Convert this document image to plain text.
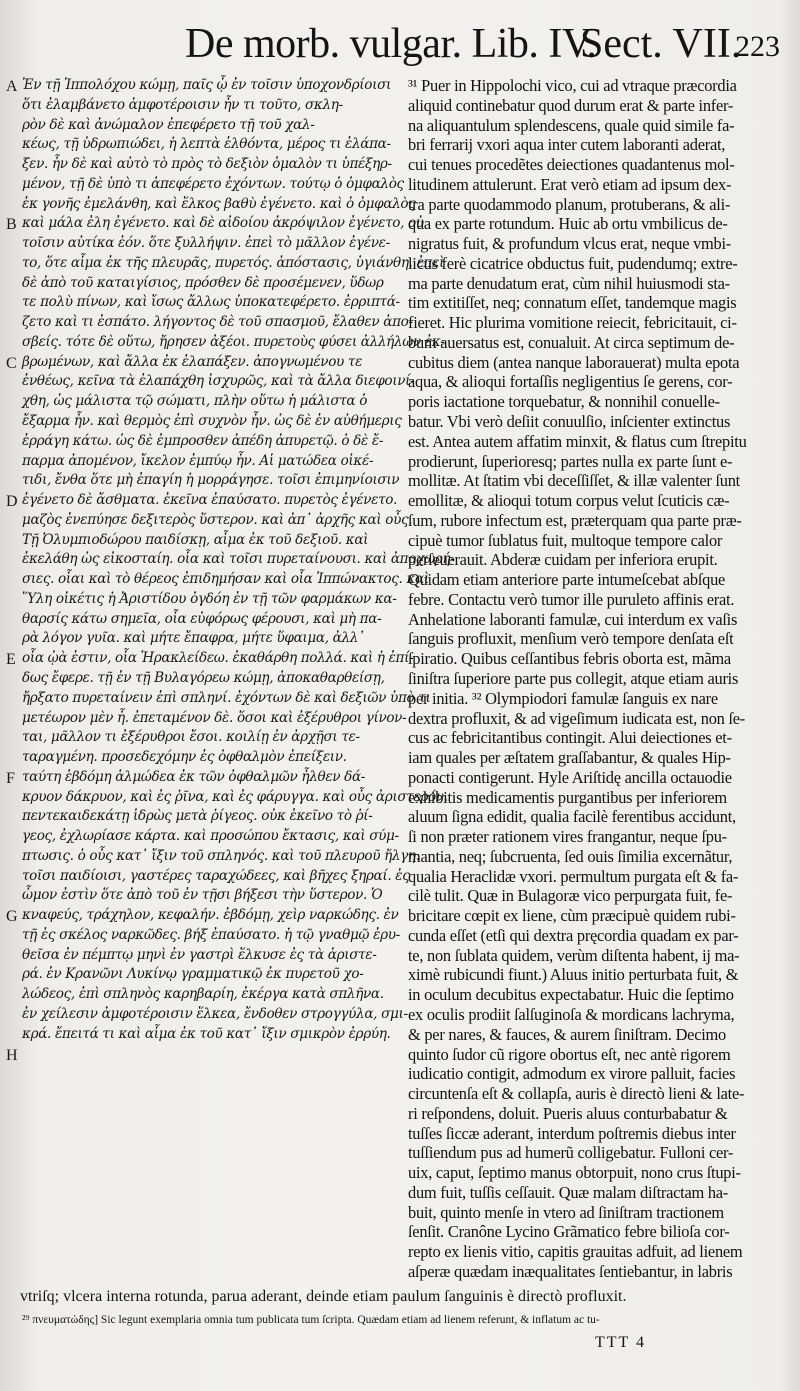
De morb. vulgar. Lib. IV.
Sect. VII.
223
Ἐν τῇ Ἱππολόχου κώμῃ, παῖς ᾧ ἐν τοῖσιν ὑποχονδρίοισι
ὅτι ἐλαμβάνετο ἀμφοτέροισιν ἦν τι τοῦτο, σκλη-
ρὸν δὲ καὶ ἀνώμαλον ἐπεφέρετο τῇ τοῦ χαλ-
κέως, τῇ ὑδρωπιώδει, ἡ λεπτὰ ἐλθόντα, μέρος τι ἐλάπα-
ξεν. ἦν δὲ καὶ αὐτὸ τὸ πρὸς τὸ δεξιὸν ὁμαλὸν τι ὑπέξηρ-
μένον, τῇ δὲ ὑπὸ τι ἀπεφέρετο ἐχόντων. τούτῳ ὁ ὀμφαλὸς
ἐκ γονῆς ἐμελάνθη, καὶ ἕλκος βαθὺ ἐγένετο. καὶ ὁ ὀμφαλὸς
καὶ μάλα ἐλη ἐγένετο. καὶ δὲ αἰδοίου ἀκρόψιλον ἐγένετο, οὐ
τοῖσιν αὐτίκα ἐόν. ὅτε ξυλλήψιν. ἐπεὶ τὸ μᾶλλον ἐγένε-
το, ὅτε αἷμα ἐκ τῆς πλευρᾶς, πυρετός. ἀπόστασις, ὑγιάνθη. ἐπεὶ
δὲ ἀπὸ τοῦ καταιγίσιος, πρόσθεν δὲ προσέμενεν, ὕδωρ
τε πολὺ πίνων, καὶ ἴσως ἄλλως ὑποκατεφέρετο. ἐρριπτά-
ζετο καὶ τι ἐσπάτο. λήγοντος δὲ τοῦ σπασμοῦ, ἔλαθεν ἀπο-
σβείς. τότε δὲ οὕτω, ἤρησεν ἀξέοι. πυρετοὺς φύσει ἀλλήλων ἐκ-
βρωμένων, καὶ ἄλλα ἐκ ἐλαπάξεν. ἀπογνωμένου τε
ἐνθέως, κεῖνα τὰ ἐλαπάχθη ἰσχυρῶς, καὶ τὰ ἄλλα διεφοινί-
χθη, ὡς μάλιστα τῷ σώματι, πλὴν οὕτω ἡ μάλιστα ὁ
ἔξαρμα ἦν. καὶ θερμὸς ἐπὶ συχνὸν ἦν. ὡς δὲ ἐν αὐθήμερις
ἐρράγη κάτω. ὡς δὲ ἐμπροσθεν ἀπέδη ἀπυρετῷ. ὁ δὲ ἔ-
παρμα ἀπομένον, ἴκελον ἐμπύῳ ἦν. Αἱ ματώδεα οἰκέ-
τιδι, ἔνθα ὅτε μὴ ἐπαγίη ἡ μορράγησε. τοῖσι ἐπιμηνίοισιν
ἐγένετο δὲ ἄσθματα. ἐκεῖνα ἐπαύσατο. πυρετὸς ἐγένετο.
μαζὸς ἐνεπύησε δεξιτερὸς ὕστερον. καὶ ἀπ᾽ ἀρχῆς καὶ οὖς.
Τῇ Ὀλυμπιοδώρου παιδίσκῃ, αἷμα ἐκ τοῦ δεξιοῦ. καὶ
ἐκελάθη ὡς εἰκοσταίη. οἷα καὶ τοῖσι πυρεταίνουσι. καὶ ἀποχωρή-
σιες. οἷαι καὶ τὸ θέρεος ἐπιδημήσαν καὶ οἷα Ἱππώνακτος. καὶ
Ὕλη οἰκέτις ἡ Ἀριστίδου ὀγδόη ἐν τῇ τῶν φαρμάκων κα-
θαρσίς κάτω σημεῖα, οἷα εὐφόρως φέρουσι, καὶ μὴ πα-
ρὰ λόγον γυῖα. καὶ μήτε ἔπαφρα, μήτε ὕφαιμα, ἀλλ᾽
οἷα ᾠὰ ἐστιν, οἷα Ἡρακλείδεω. ἐκαθάρθη πολλά. καὶ ἡ ἐπί-
δως ἔφερε. τῇ ἐν τῇ Βυλαγόρεω κώμῃ, ἀποκαθαρθείσῃ,
ἤρξατο πυρεταίνειν ἐπὶ σπληνί. ἐχόντων δὲ καὶ δεξιῶν ὑπὸ τι
μετέωρον μὲν ἦ. ἐπεταμένον δὲ. ὅσοι καὶ ἐξέρυθροι γίνον-
ται, μᾶλλον τι ἐξέρυθροι ἔσοι. κοιλίῃ ἐν ἀρχῇσι τε-
ταραγμένη. προσεδεχόμην ἐς ὀφθαλμὸν ἐπείξειν.
ταύτη ἑβδόμη ἁλμώδεα ἐκ τῶν ὀφθαλμῶν ἦλθεν δά-
κρυον δάκρυον, καὶ ἐς ῥῖνα, καὶ ἐς φάρυγγα. καὶ οὖς ἀριστερόν.
πεντεκαιδεκάτῃ ἱδρὼς μετὰ ῥίγεος. οὐκ ἐκεῖνο τὸ ῥί-
γεος, ἐχλωρίασε κάρτα. καὶ προσώπου ἔκτασις, καὶ σύμ-
πτωσις. ὁ οὖς κατ᾽ ἴξιν τοῦ σπληνός. καὶ τοῦ πλευροῦ ἤλγη.
τοῖσι παιδίοισι, γαστέρες ταραχώδεες, καὶ βῆχες ξηραί. ἐς
ὦμον ἐστὶν ὅτε ἀπὸ τοῦ ἐν τῇσι βήξεσι τὴν ὕστερον. Ὁ
κναφεύς, τράχηλον, κεφαλήν. ἑβδόμῃ, χεὶρ ναρκώδης. ἐν
τῇ ἐς σκέλος ναρκῶδες. βήξ ἐπαύσατο. ἡ τῷ γναθμῷ ἐρυ-
θεῖσα ἐν πέμπτῳ μηνὶ ἐν γαστρὶ ἕλκυσε ἐς τὰ ἀριστε-
ρά. ἐν Κρανῶνι Λυκίνῳ γραμματικῷ ἐκ πυρετοῦ χο-
λώδεος, ἐπὶ σπληνὸς καρηβαρίη, ἐκέργα κατὰ σπλῆνα.
ἐν χείλεσιν ἀμφοτέροισιν ἕλκεα, ἔνδοθεν στρογγύλα, σμι-
κρά. ἔπειτά τι καὶ αἷμα ἐκ τοῦ κατ᾽ ἴξιν σμικρὸν ἐρρύη.
³¹ Puer in Hippolochi vico, cui ad vtraque præcordia
aliquid continebatur quod durum erat & parte infer-
na aliquantulum splendescens, quale quid simile fa-
bri ferrarij vxori aqua inter cutem laboranti aderat,
cui tenues procedẽtes deiectiones quadantenus mol-
litudinem attulerunt. Erat verò etiam ad ipsum dex-
tra parte quodammodo planum, protuberans, & ali-
qua ex parte rotundum. Huic ab ortu vmbilicus de-
nigratus fuit, & profundum vlcus erat, neque vmbi-
licus ferè cicatrice obductus fuit, pudendumq; extre-
ma parte denudatum erat, cùm nihil huiusmodi sta-
tim extitiſſet, neq; connatum eſſet, tandemque magis
fieret. Hic plurima vomitione reiecit, febricitauit, ci-
bum auersatus est, conualuit. At circa septimum de-
cubitus diem (antea nanque laborauerat) multa epota
aqua, & alioqui fortaſſis negligentius ſe gerens, cor-
poris iactatione torquebatur, & nonnihil conuelle-
batur. Vbi verò deſiit conuulſio, inſcienter extinctus
est. Antea autem affatim minxit, & flatus cum ſtrepitu
prodierunt, ſuperioresq; partes nulla ex parte ſunt e-
mollitæ. At ſtatim vbi deceſſiſſet, & illæ valenter ſunt
emollitæ, & alioqui totum corpus velut ſcuticis cæ-
ſum, rubore infectum est, præterquam qua parte præ-
cipuè tumor ſublatus fuit, multoque tempore calor
perſeuerauit. Abderæ cuidam per inferiora erupit.
Quidam etiam anteriore parte intumeſcebat abſque
febre. Contactu verò tumor ille puruleto affinis erat.
Anhelatione laboranti famulæ, cui interdum ex vaſis
ſanguis profluxit, menſium verò tempore denſata eſt
ſpiratio. Quibus ceſſantibus febris oborta est, mãma
ſiniſtra ſuperiore parte pus collegit, atque etiam auris
per initia. ³² Olympiodori famulæ ſanguis ex nare
dextra profluxit, & ad vigeſimum iudicata est, non ſe-
cus ac febricitantibus contingit. Alui deiectiones et-
iam quales per æſtatem graſſabantur, & quales Hip-
ponacti contigerunt. Hyle Ariſtidę ancilla octauodie
exhibitis medicamentis purgantibus per inferiorem
aluum ſigna edidit, qualia facilè ferentibus accidunt,
ſi non præter rationem vires frangantur, neque ſpu-
mantia, neq; ſubcruenta, ſed ouis ſimilia excernãtur,
qualia Heraclidæ vxori. permultum purgata eſt & fa-
cilè tulit. Quæ in Bulagoræ vico perpurgata fuit, fe-
bricitare cœpit ex liene, cùm præcipuè quidem rubi-
cunda eſſet (etſi qui dextra pręcordia quadam ex par-
te, non ſublata quidem, verùm diſtenta habent, ij ma-
ximè rubicundi fiunt.) Aluus initio perturbata fuit, &
in oculum decubitus expectabatur. Huic die ſeptimo
ex oculis prodiit ſalſuginoſa & mordicans lachryma,
& per nares, & fauces, & aurem ſiniſtram. Decimo
quinto ſudor cũ rigore obortus eſt, nec antè rigorem
iudicatio contigit, admodum ex virore palluit, facies
circuntenſa eſt & collapſa, auris è directò lieni & late-
ri reſpondens, doluit. Pueris aluus conturbabatur &
tuſſes ſiccæ aderant, interdum poſtremis diebus inter
tuſſiendum pus ad humerũ colligebatur. Fulloni cer-
uix, caput, ſeptimo manus obtorpuit, nono crus ſtupi-
dum fuit, tuſſis ceſſauit. Quæ malam diſtractam ha-
buit, quinto menſe in vtero ad ſiniſtram tractionem
ſenſit. Cranône Lycino Grãmatico febre bilioſa cor-
repto ex lienis vitio, capitis grauitas adfuit, ad lienem
aſperæ quædam inæqualitates ſentiebantur, in labris
A
B
C
D
E
F
G
H
vtriſq; vlcera interna rotunda, parua aderant, deinde etiam paulum ſanguinis è directò profluxit.
²⁹ πνευματώδης] Sic legunt exemplaria omnia tum publicata tum ſcripta. Quædam etiam ad lienem referunt, & inflatum ac tu-
TTT 4
